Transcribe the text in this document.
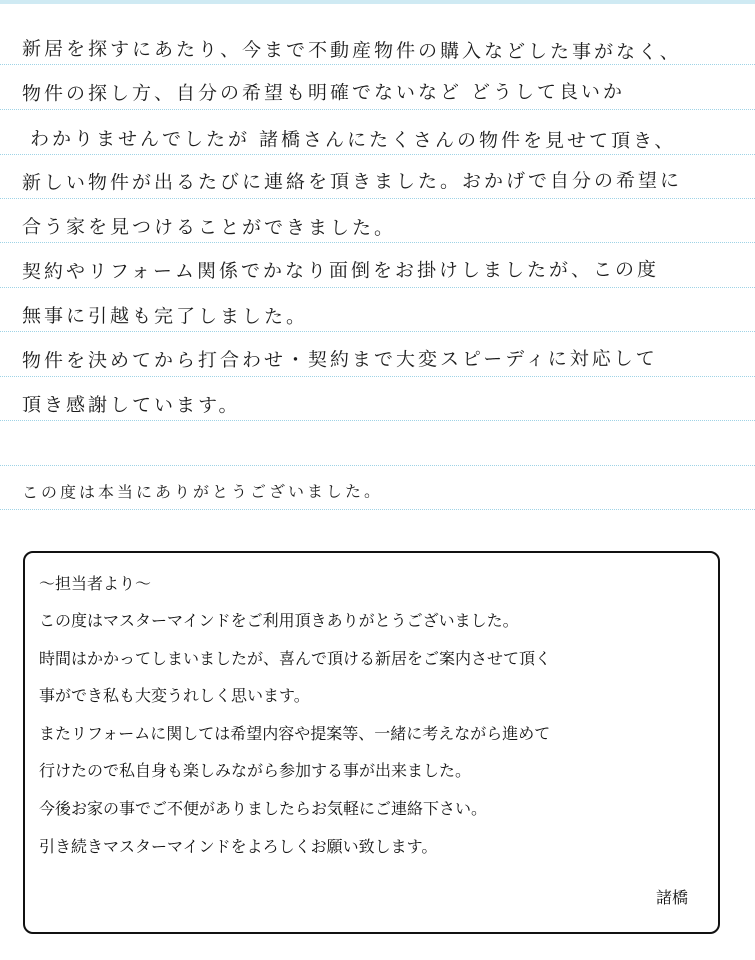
新居を探すにあたり、今まで不動産物件の購入などした事がなく、

物件の探し方、自分の希望も明確でないなど どうして良いか

わかりませんでしたが 諸橋さんにたくさんの物件を見せて頂き、

新しい物件が出るたびに連絡を頂きました。おかげで自分の希望に

合う家を見つけることができました。

契約やリフォーム関係でかなり面倒をお掛けしましたが、この度

無事に引越も完了しました。

物件を決めてから打合わせ・契約まで大変スピーディに対応して

頂き感謝しています。

この度は本当にありがとうございました。

〜担当者より〜

この度はマスターマインドをご利用頂きありがとうございました。

時間はかかってしまいましたが、喜んで頂ける新居をご案内させて頂く

事ができ私も大変うれしく思います。

またリフォームに関しては希望内容や提案等、一緒に考えながら進めて

行けたので私自身も楽しみながら参加する事が出来ました。

今後お家の事でご不便がありましたらお気軽にご連絡下さい。

引き続きマスターマインドをよろしくお願い致します。

諸橋
